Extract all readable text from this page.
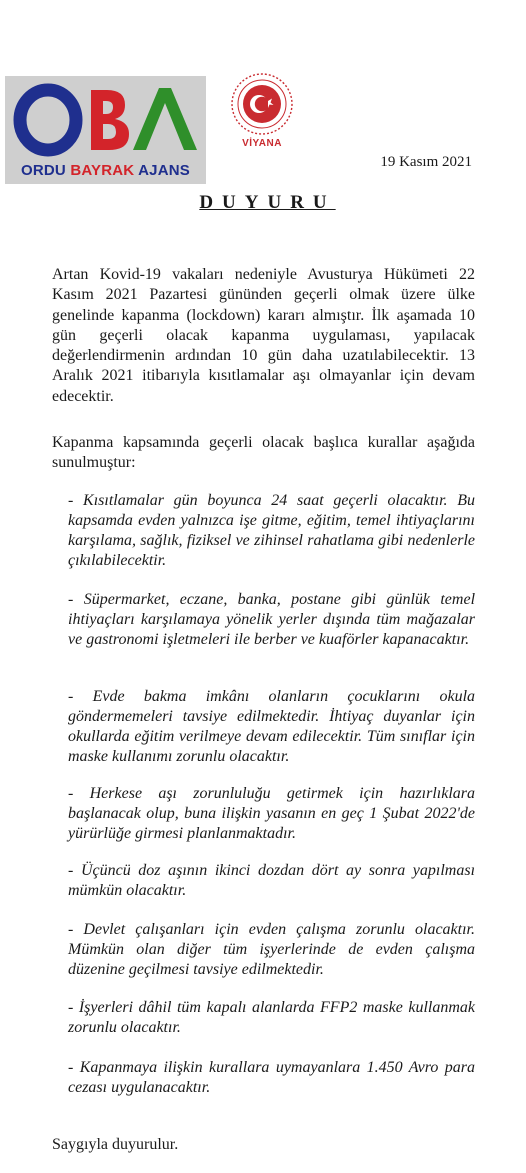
ORDU BAYRAK AJANS
VİYANA
19 Kasım 2021
DUYURU
Artan Kovid-19 vakaları nedeniyle Avusturya Hükümeti 22 Kasım 2021 Pazartesi gününden geçerli olmak üzere ülke genelinde kapanma (lockdown) kararı almıştır. İlk aşamada 10 gün geçerli olacak kapanma uygulaması, yapılacak değerlendirmenin ardından 10 gün daha uzatılabilecektir. 13 Aralık 2021 itibarıyla kısıtlamalar aşı olmayanlar için devam edecektir.
Kapanma kapsamında geçerli olacak başlıca kurallar aşağıda sunulmuştur:
- Kısıtlamalar gün boyunca 24 saat geçerli olacaktır. Bu kapsamda evden yalnızca işe gitme, eğitim, temel ihtiyaçlarını karşılama, sağlık, fiziksel ve zihinsel rahatlama gibi nedenlerle çıkılabilecektir.
- Süpermarket, eczane, banka, postane gibi günlük temel ihtiyaçları karşılamaya yönelik yerler dışında tüm mağazalar ve gastronomi işletmeleri ile berber ve kuaförler kapanacaktır.
- Evde bakma imkânı olanların çocuklarını okula göndermemeleri tavsiye edilmektedir. İhtiyaç duyanlar için okullarda eğitim verilmeye devam edilecektir. Tüm sınıflar için maske kullanımı zorunlu olacaktır.
- Herkese aşı zorunluluğu getirmek için hazırlıklara başlanacak olup, buna ilişkin yasanın en geç 1 Şubat 2022'de yürürlüğe girmesi planlanmaktadır.
- Üçüncü doz aşının ikinci dozdan dört ay sonra yapılması mümkün olacaktır.
- Devlet çalışanları için evden çalışma zorunlu olacaktır. Mümkün olan diğer tüm işyerlerinde de evden çalışma düzenine geçilmesi tavsiye edilmektedir.
- İşyerleri dâhil tüm kapalı alanlarda FFP2 maske kullanmak zorunlu olacaktır.
- Kapanmaya ilişkin kurallara uymayanlara 1.450 Avro para cezası uygulanacaktır.
Saygıyla duyurulur.
